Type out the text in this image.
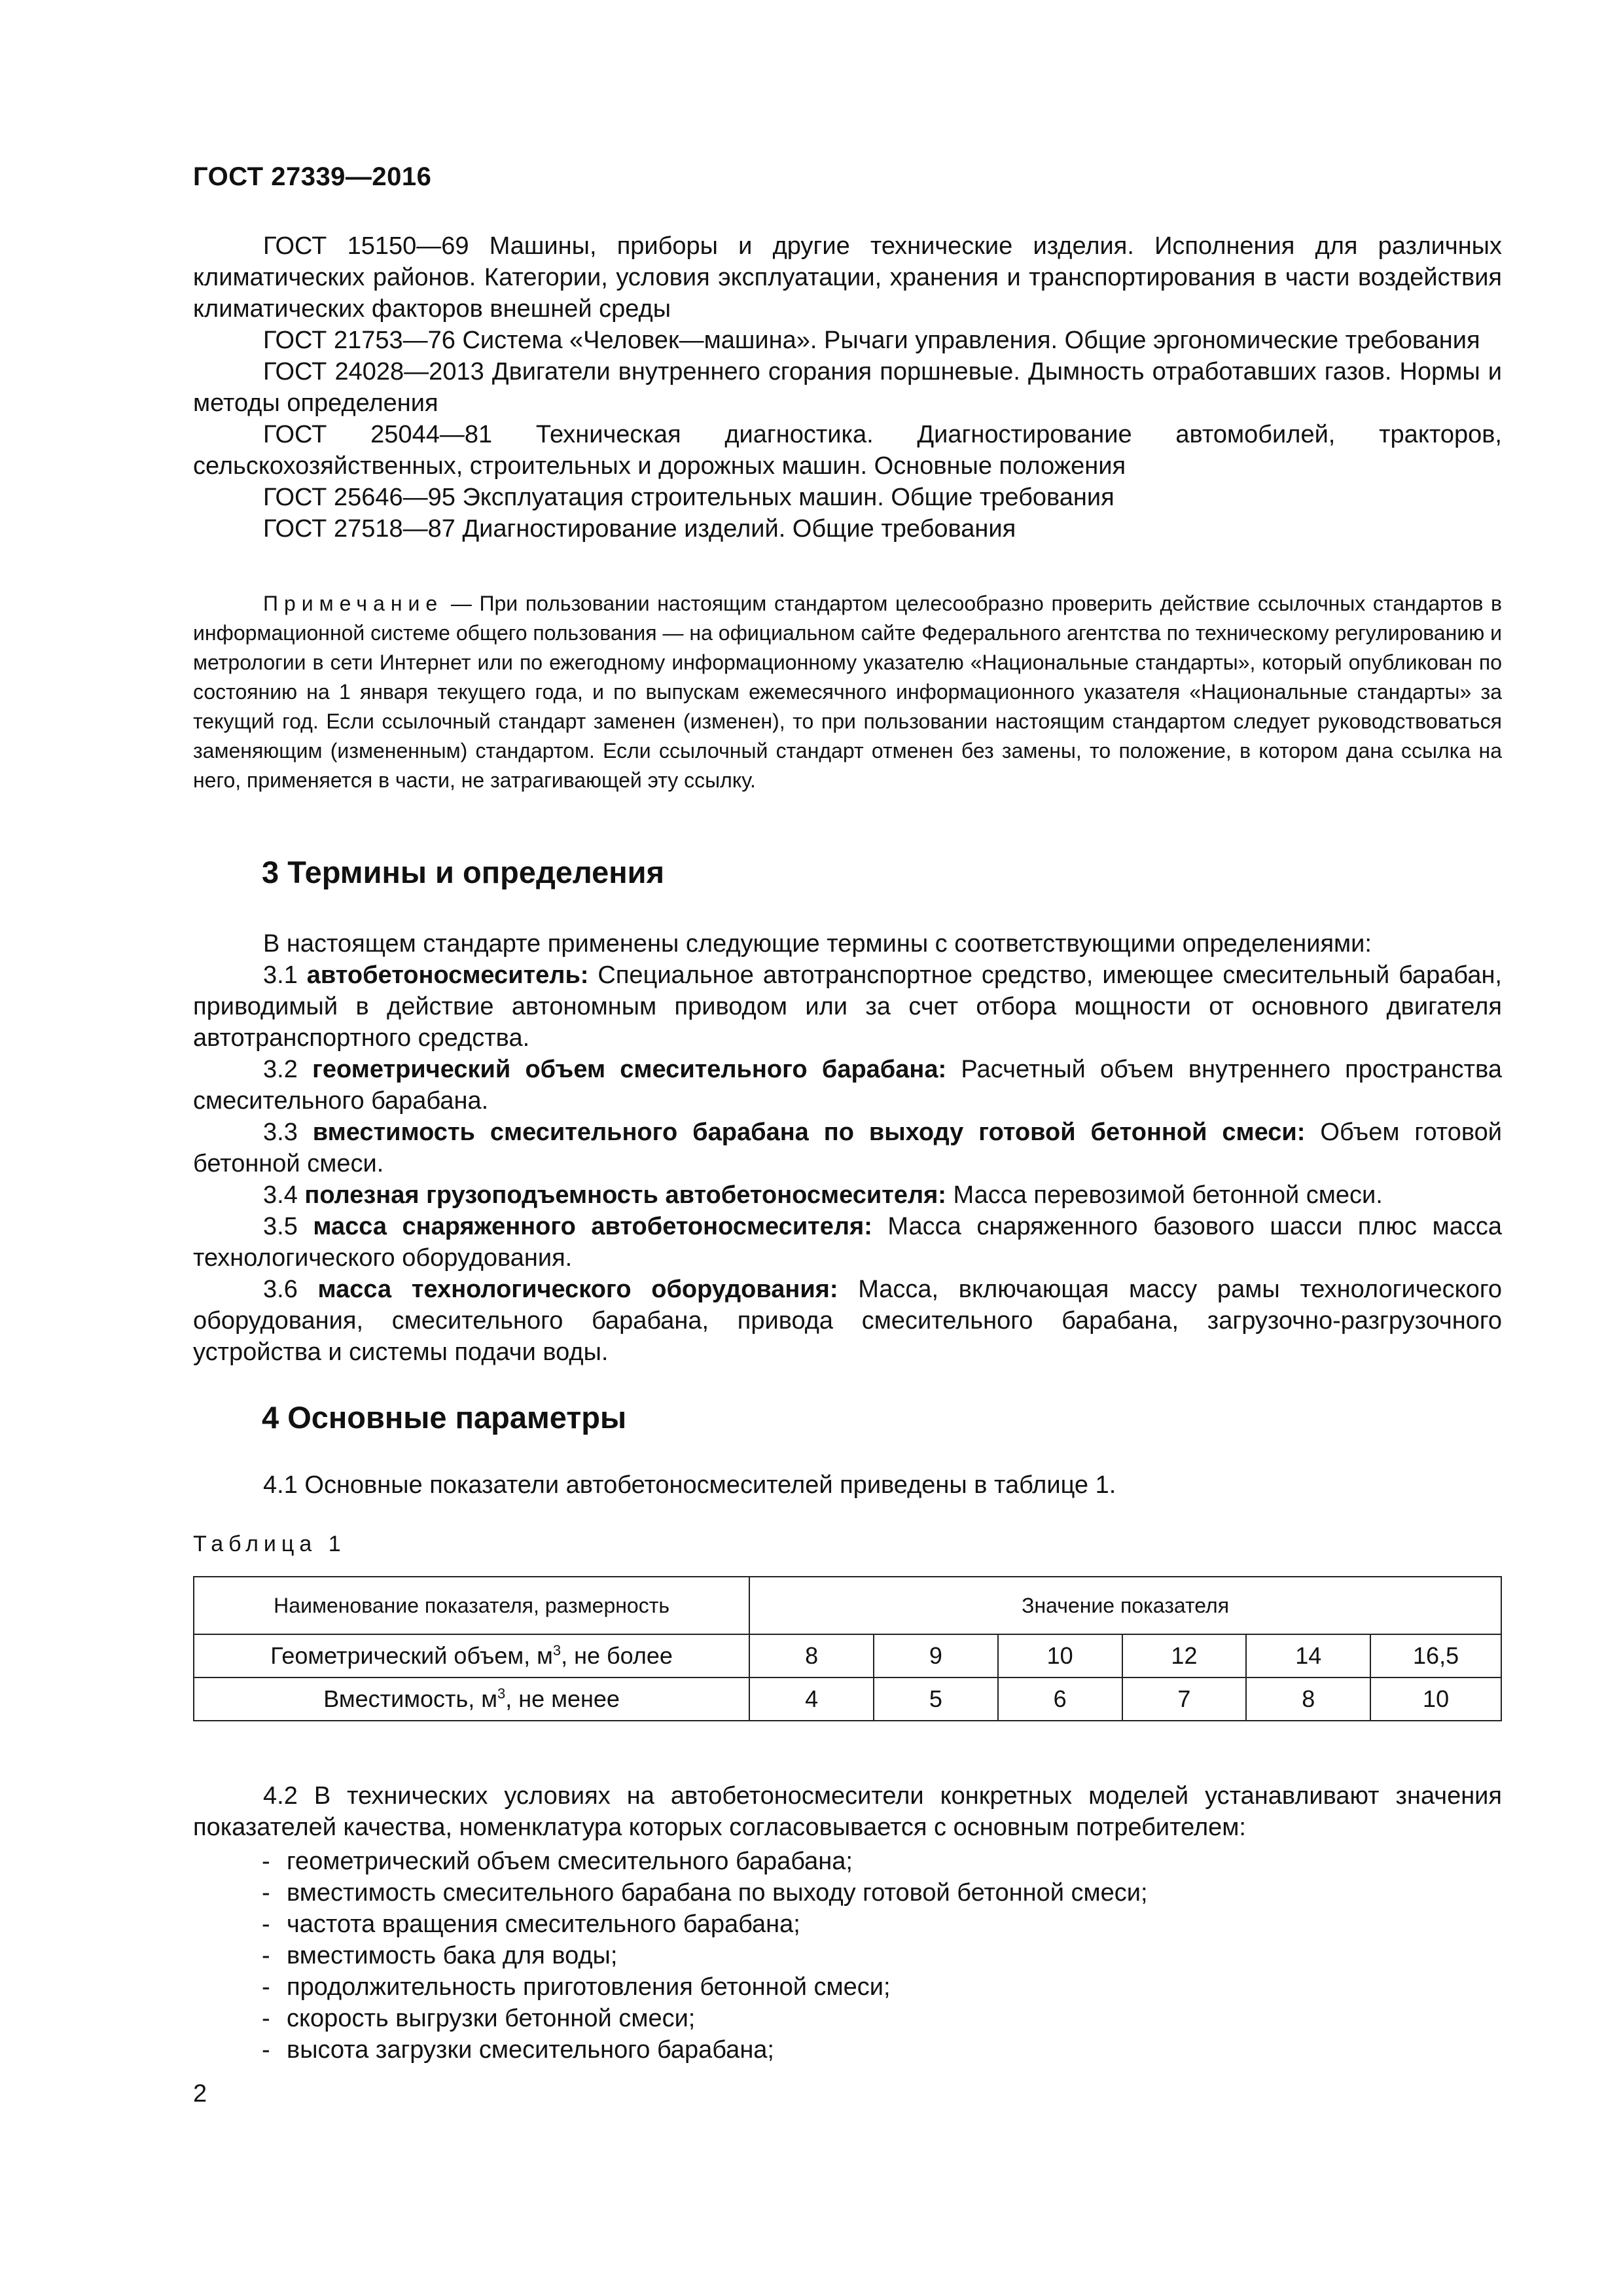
ГОСТ 27339—2016

ГОСТ 15150—69 Машины, приборы и другие технические изделия. Исполнения для различных климатических районов. Категории, условия эксплуатации, хранения и транспортирования в части воздействия климатических факторов внешней среды

ГОСТ 21753—76 Система «Человек—машина». Рычаги управления. Общие эргономические требования

ГОСТ 24028—2013 Двигатели внутреннего сгорания поршневые. Дымность отработавших газов. Нормы и методы определения

ГОСТ 25044—81 Техническая диагностика. Диагностирование автомобилей, тракторов, сельскохозяйственных, строительных и дорожных машин. Основные положения

ГОСТ 25646—95 Эксплуатация строительных машин. Общие требования

ГОСТ 27518—87 Диагностирование изделий. Общие требования

Примечание — При пользовании настоящим стандартом целесообразно проверить действие ссылочных стандартов в информационной системе общего пользования — на официальном сайте Федерального агентства по техническому регулированию и метрологии в сети Интернет или по ежегодному информационному указателю «Национальные стандарты», который опубликован по состоянию на 1 января текущего года, и по выпускам ежемесячного информационного указателя «Национальные стандарты» за текущий год. Если ссылочный стандарт заменен (изменен), то при пользовании настоящим стандартом следует руководствоваться заменяющим (измененным) стандартом. Если ссылочный стандарт отменен без замены, то положение, в котором дана ссылка на него, применяется в части, не затрагивающей эту ссылку.

3 Термины и определения

В настоящем стандарте применены следующие термины с соответствующими определениями:

3.1 автобетоносмеситель: Специальное автотранспортное средство, имеющее смесительный барабан, приводимый в действие автономным приводом или за счет отбора мощности от основного двигателя автотранспортного средства.

3.2 геометрический объем смесительного барабана: Расчетный объем внутреннего пространства смесительного барабана.

3.3 вместимость смесительного барабана по выходу готовой бетонной смеси: Объем готовой бетонной смеси.

3.4 полезная грузоподъемность автобетоносмесителя: Масса перевозимой бетонной смеси.

3.5 масса снаряженного автобетоносмесителя: Масса снаряженного базового шасси плюс масса технологического оборудования.

3.6 масса технологического оборудования: Масса, включающая массу рамы технологического оборудования, смесительного барабана, привода смесительного барабана, загрузочно-разгрузочного устройства и системы подачи воды.

4 Основные параметры

4.1 Основные показатели автобетоносмесителей приведены в таблице 1.

Таблица 1
Наименование показателя, размерность	Значение показателя					
Геометрический объем, $м^3$, не более	8	9	10	12	14	16,5
Вместимость, $м^3$, не менее	4	5	6	7	8	10

4.2 В технических условиях на автобетоносмесители конкретных моделей устанавливают значения показателей качества, номенклатура которых согласовывается с основным потребителем:

- геометрический объем смесительного барабана;
- вместимость смесительного барабана по выходу готовой бетонной смеси;
- частота вращения смесительного барабана;
- вместимость бака для воды;
- продолжительность приготовления бетонной смеси;
- скорость выгрузки бетонной смеси;
- высота загрузки смесительного барабана;
2
